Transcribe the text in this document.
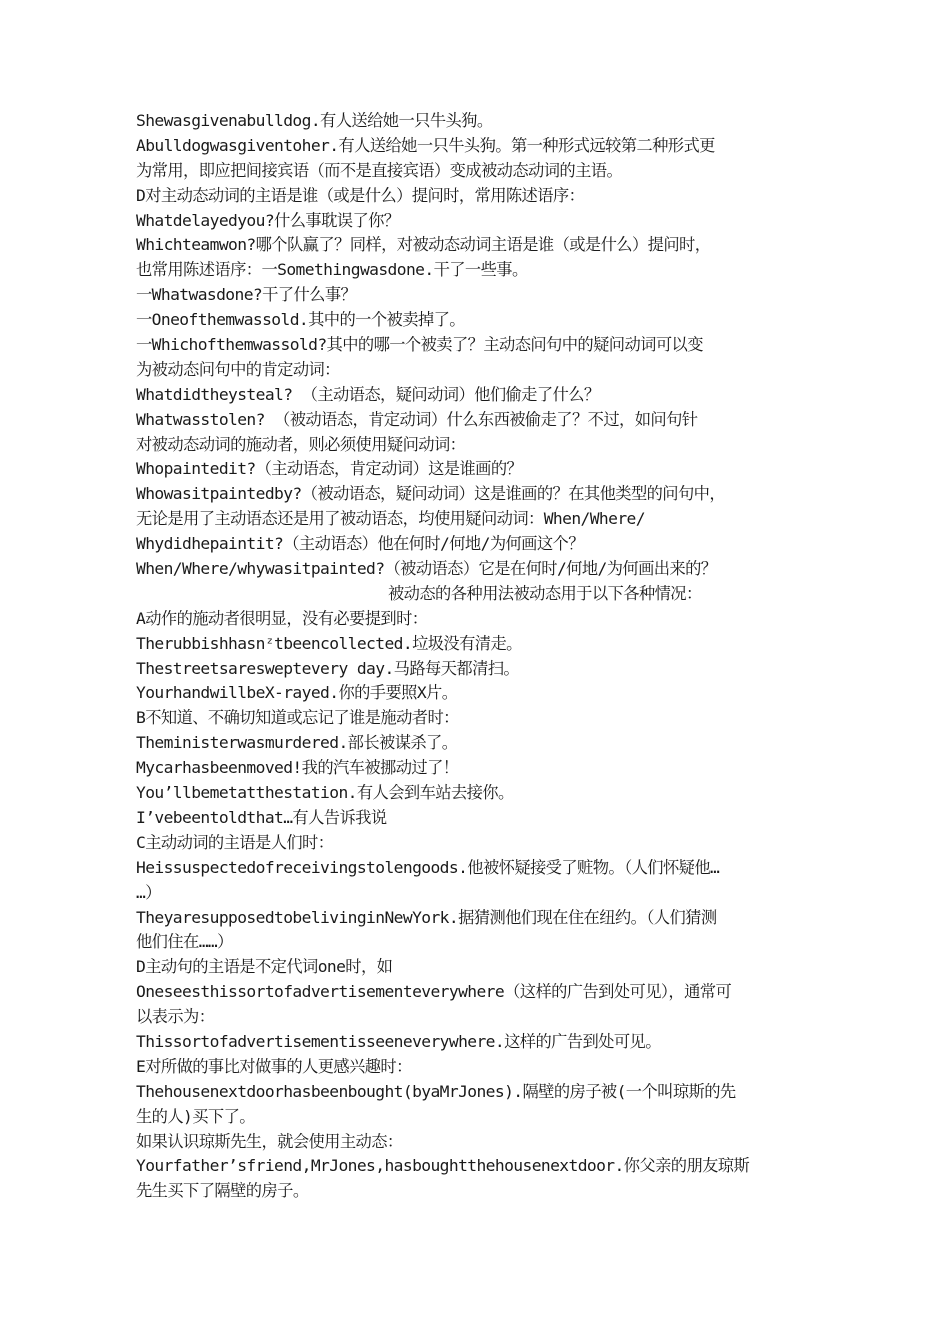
Shewasgivenabulldog.有人送给她一只牛头狗。

Abulldogwasgiventoher.有人送给她一只牛头狗。第一种形式远较第二种形式更

为常用，即应把间接宾语（而不是直接宾语）变成被动态动词的主语。

D对主动态动词的主语是谁（或是什么）提问时，常用陈述语序：

Whatdelayedyou?什么事耽误了你？

Whichteamwon?哪个队赢了？同样，对被动态动词主语是谁（或是什么）提问时，

也常用陈述语序：一Somethingwasdone.干了一些事。

一Whatwasdone?干了什么事？

一Oneofthemwassold.其中的一个被卖掉了。

一Whichofthemwassold?其中的哪一个被卖了？主动态问句中的疑问动词可以变

为被动态问句中的肯定动词：

Whatdidtheysteal? （主动语态，疑问动词）他们偷走了什么？

Whatwasstolen? （被动语态，肯定动词）什么东西被偷走了？不过，如问句针

对被动态动词的施动者，则必须使用疑问动词：

Whopaintedit?（主动语态，肯定动词）这是谁画的？

Whowasitpaintedby?（被动语态，疑问动词）这是谁画的？在其他类型的问句中，

无论是用了主动语态还是用了被动语态，均使用疑问动词：When/Where/

Whydidhepaintit?（主动语态）他在何时/何地/为何画这个？

When/Where/whywasitpainted?（被动语态）它是在何时/何地/为何画出来的？

被动态的各种用法被动态用于以下各种情况：

A动作的施动者很明显，没有必要提到时：

Therubbishhasnᶻtbeencollected.垃圾没有清走。

Thestreetsaresweptevery day.马路每天都清扫。

YourhandwillbeX-rayed.你的手要照X片。

B不知道、不确切知道或忘记了谁是施动者时：

Theministerwasmurdered.部长被谋杀了。

Mycarhasbeenmoved!我的汽车被挪动过了！

You’llbemetatthestation.有人会到车站去接你。

I’vebeentoldthat…有人告诉我说

C主动动词的主语是人们时：

Heissuspectedofreceivingstolengoods.他被怀疑接受了赃物。（人们怀疑他…

…）

TheyaresupposedtobelivinginNewYork.据猜测他们现在住在纽约。（人们猜测

他们住在……）

D主动句的主语是不定代词one时，如

Oneseesthissortofadvertisementeverywhere（这样的广告到处可见），通常可

以表示为：

Thissortofadvertisementisseeneverywhere.这样的广告到处可见。

E对所做的事比对做事的人更感兴趣时：

Thehousenextdoorhasbeenbought(byaMrJones).隔壁的房子被(一个叫琼斯的先

生的人)买下了。

如果认识琼斯先生，就会使用主动态：

Yourfather’sfriend,MrJones,hasboughtthehousenextdoor.你父亲的朋友琼斯

先生买下了隔壁的房子。
